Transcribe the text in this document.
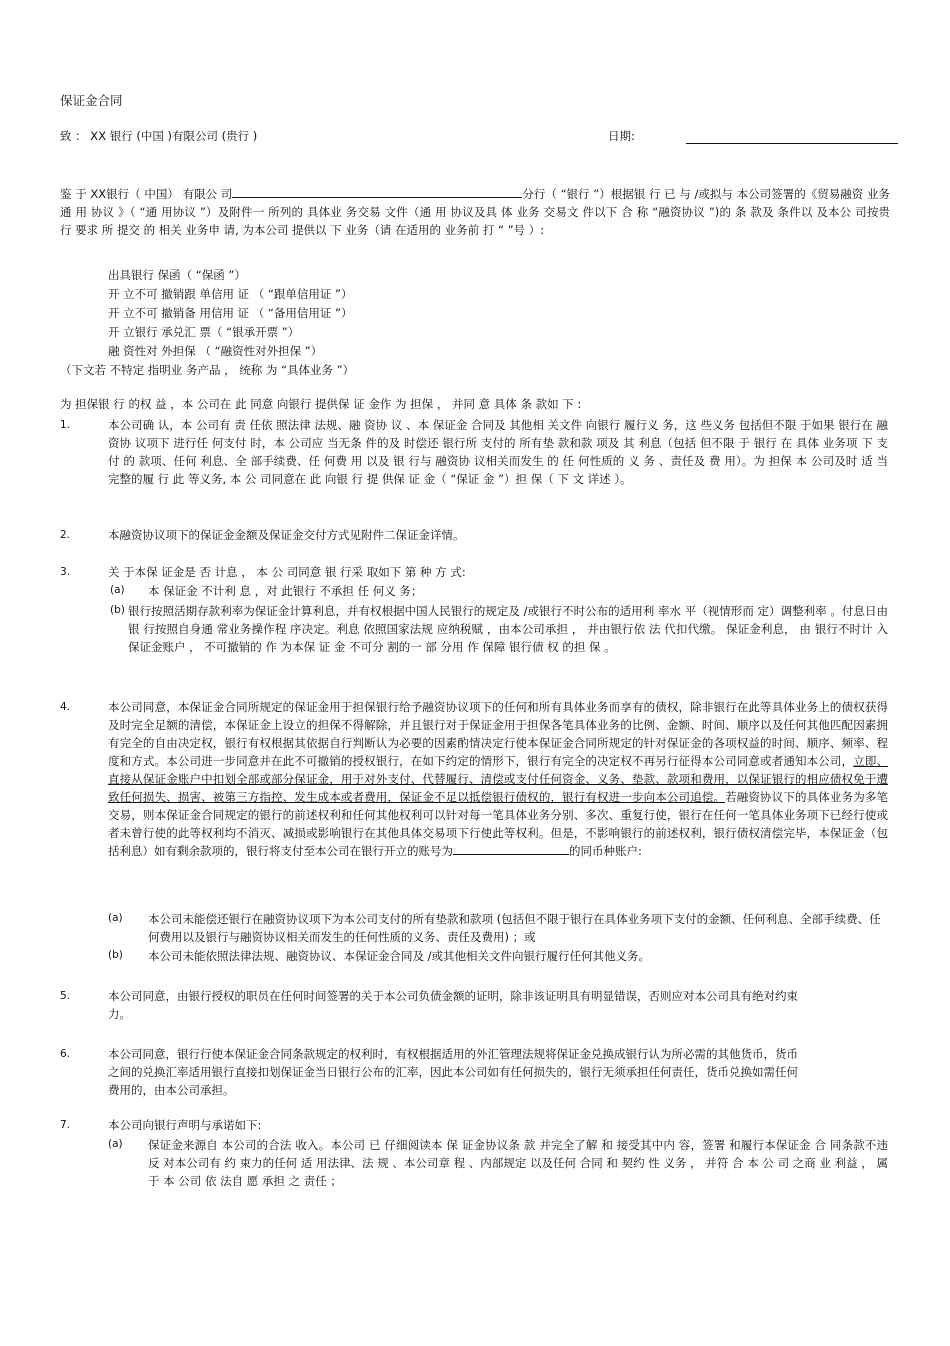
保证金合同
致 ： XX 银行 (中国 )有限公司 (贵行 )	日期:
鉴 于 XX银行（ 中国） 有限公 司	分行（ “银行 ”）根据银 行 已 与 /或拟与 本公司签署的《贸易融资 业务通 用 协议 》（ “通 用协议 ”）及附件一 所列的 具体业 务交易 文件（通 用 协议及具 体 业务 交易文 件以下 合 称 “融资协议 ”)的 条 款及 条件以 及本公 司按贵 行 要求 所 提交 的 相关 业务申 请, 为本公司 提供以 下 业务（请 在适用的 业务前 打 “ ”号 ）:
出具银行 保函（ “保函 ”）
开 立不可 撤销跟 单信用 证 （ “跟单信用证 ”）
开 立不可 撤销备 用信用 证 （ “备用信用证 ”）
开 立银行 承兑汇 票（ “银承开票 ”）
融 资性对 外担保 （ “融资性对外担保 ”）
（下文若 不特定 指明业 务产品 ， 统称 为 “具体业务 ”）
为 担保银 行 的权 益 ，本 公司在 此 同意 向银行 提供保 证 金作 为 担保 ， 并同 意 具体 条 款如 下 :
1.	本公司确 认，本 公司有 责 任依 照法律 法规、融 资协 议 、本 保证金 合同及 其他相 关文件 向银行 履行义 务，这 些义务 包括但不限 于如果 银行在 融资协 议项下 进行任 何支付 时，本 公司应 当无条 件的及 时偿还 银行所 支付的 所有垫 款和款 项及 其 利息（包括 但不限 于 银行 在 具体 业务项 下 支付 的 款项、任何 利息、全 部手续费、任 何费 用 以及 银 行与 融资协 议相关而发生 的 任 何性质的 义 务 、责任及 费 用）。为 担保 本 公司及时 适 当 完整的履 行 此 等义务, 本 公 司同意在 此 向银 行 提 供保 证 金（ “保证 金 ”）担 保（ 下 文 详述 ）。
2.	本融资协议项下的保证金金额及保证金交付方式见附件二保证金详情。
3.	关 于本保 证金是 否 计息 ， 本 公 司同意 银 行采 取如下 第 种 方 式:
(a) 本 保证金 不计利 息 ，对 此银行 不承担 任 何义 务；
(b) 银行按照活期存款利率为保证金计算利息，并有权根据中国人民银行的规定及 /或银行不时公布的适用利 率水 平（视情形而 定）调整利率 。付息日由银 行按照自身通 常业务操作程 序决定。利息 依照国家法规 应纳税赋 ，由本公司承担 ， 并由银行依 法 代扣代缴。 保证金利息， 由 银行不时计 入 保证金账户 ， 不可撤销的 作 为本保 证 金 不可分 割的一 部 分用 作 保障 银行债 权 的担 保 。
4.	本公司同意，本保证金合同所规定的保证金用于担保银行给予融资协议项下的任何和所有具体业务而享有的债权，除非银行在此等具体业务上的债权获得及时完全足额的清偿，本保证金上设立的担保不得解除，并且银行对于保证金用于担保各笔具体业务的比例、金额、时间、顺序以及任何其他匹配因素拥有完全的自由决定权，银行有权根据其依据自行判断认为必要的因素酌情决定行使本保证金合同所规定的针对保证金的各项权益的时间、顺序、频率、程度和方式。本公司进一步同意并在此不可撤销的授权银行，在如下约定的情形下，银行有完全的决定权不再另行征得本公司同意或者通知本公司，立即、直接从保证金账户中扣划全部或部分保证金，用于对外支付、代替履行、清偿或支付任何资金、义务、垫款、款项和费用，以保证银行的相应债权免于遭致任何损失、损害、被第三方指控、发生成本或者费用，保证金不足以抵偿银行债权的，银行有权进一步向本公司追偿。若融资协议下的具体业务为多笔交易，则本保证金合同规定的银行的前述权利和任何其他权利可以针对每一笔具体业务分别、多次、重复行使，银行在任何一笔具体业务项下已经行使或者未曾行使的此等权利均不消灭、减损或影响银行在其他具体交易项下行使此等权利。但是，不影响银行的前述权利，银行债权清偿完毕，本保证金（包括利息）如有剩余款项的，银行将支付至本公司在银行开立的账号为	的同币种账户:
(a) 本公司未能偿还银行在融资协议项下为本公司支付的所有垫款和款项 (包括但不限于银行在具体业务项下支付的金额、任何利息、全部手续费、任何费用以及银行与融资协议相关而发生的任何性质的义务、责任及费用) ；或
(b) 本公司未能依照法律法规、融资协议、本保证金合同及 /或其他相关文件向银行履行任何其他义务。
5.	本公司同意，由银行授权的职员在任何时间签署的关于本公司负债金额的证明，除非该证明具有明显错误，否则应对本公司具有绝对约束力。
6.	本公司同意，银行行使本保证金合同条款规定的权利时，有权根据适用的外汇管理法规将保证金兑换成银行认为所必需的其他货币，货币之间的兑换汇率适用银行直接扣划保证金当日银行公布的汇率，因此本公司如有任何损失的，银行无须承担任何责任，货币兑换如需任何费用的，由本公司承担。
7.	本公司向银行声明与承诺如下:
(a) 保证金来源自 本公司的合法 收入。本公司 已 仔细阅读本 保 证金协议条 款 并完全了解 和 接受其中内 容，签署 和履行本保证金 合 同条款不违 反 对本公司有 约 束力的任何 适 用法律、法 规 、本公司章 程 、内部规定 以及任何 合同 和 契约 性 义务 ， 并符 合 本 公 司 之商 业 利益 ， 属于 本 公司 依 法自 愿 承担 之 责任 ；
